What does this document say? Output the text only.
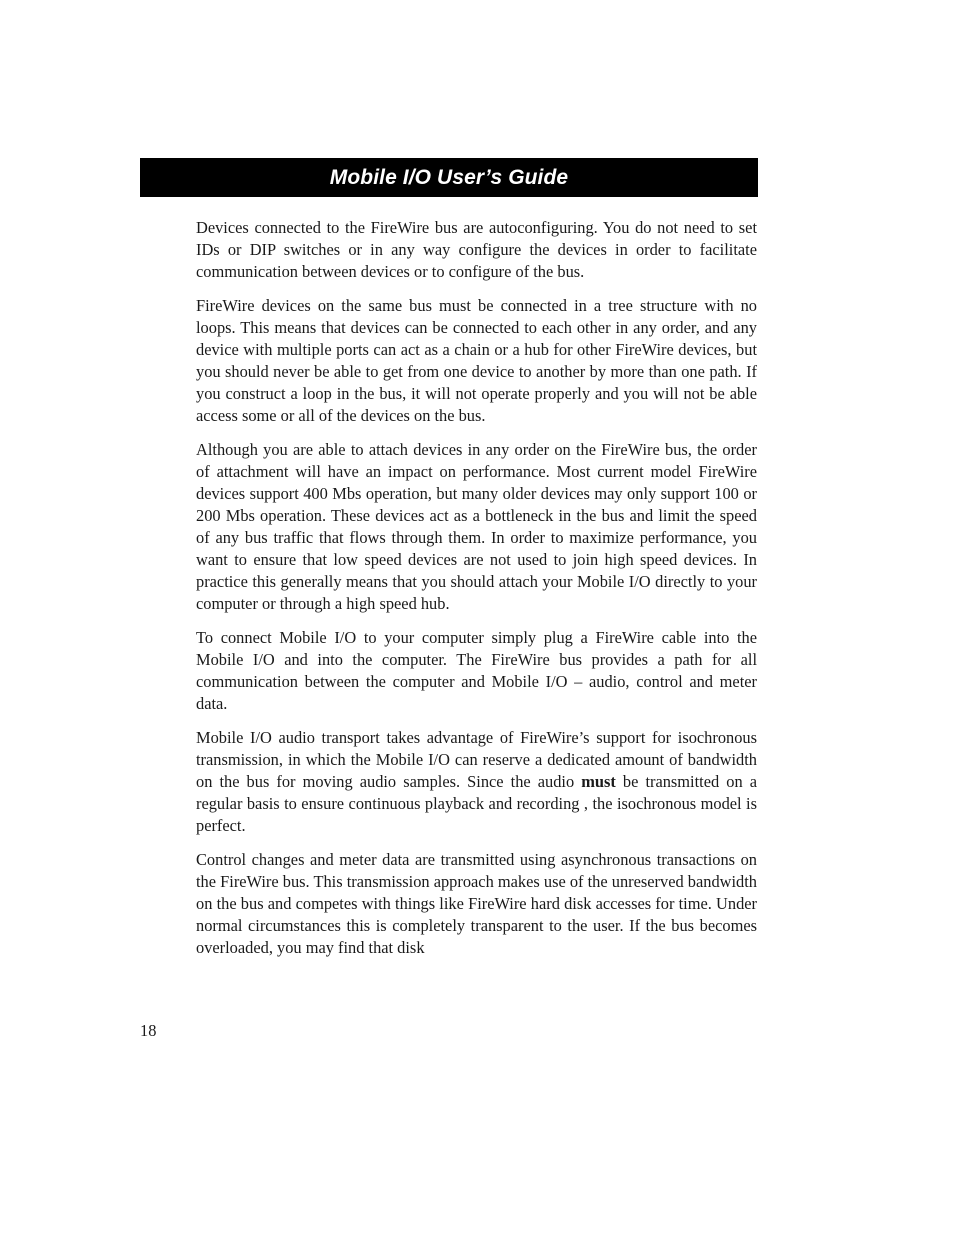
Mobile I/O User’s Guide

Devices connected to the FireWire bus are autoconfiguring. You do not need to set IDs or DIP switches or in any way configure the devices in order to facilitate communication between devices or to configure of the bus.

FireWire devices on the same bus must be connected in a tree structure with no loops. This means that devices can be connected to each other in any order, and any device with multiple ports can act as a chain or a hub for other FireWire devices, but you should never be able to get from one device to another by more than one path. If you construct a loop in the bus, it will not operate properly and you will not be able access some or all of the devices on the bus.

Although you are able to attach devices in any order on the FireWire bus, the order of attachment will have an impact on performance. Most current model FireWire devices support 400 Mbs operation, but many older devices may only support 100 or 200 Mbs operation. These devices act as a bottleneck in the bus and limit the speed of any bus traffic that flows through them. In order to maximize performance, you want to ensure that low speed devices are not used to join high speed devices. In practice this generally means that you should attach your Mobile I/O directly to your computer or through a high speed hub.

To connect Mobile I/O to your computer simply plug a FireWire cable into the Mobile I/O and into the computer. The FireWire bus provides a path for all communication between the computer and Mobile I/O – audio, control and meter data.

Mobile I/O audio transport takes advantage of FireWire’s support for isochronous transmission, in which the Mobile I/O can reserve a dedicated amount of bandwidth on the bus for moving audio samples. Since the audio must be transmitted on a regular basis to ensure continuous playback and recording , the isochronous model is perfect.

Control changes and meter data are transmitted using asynchronous transactions on the FireWire bus. This transmission approach makes use of the unreserved bandwidth on the bus and competes with things like FireWire hard disk accesses for time. Under normal circumstances this is completely transparent to the user. If the bus becomes overloaded, you may find that disk

18
